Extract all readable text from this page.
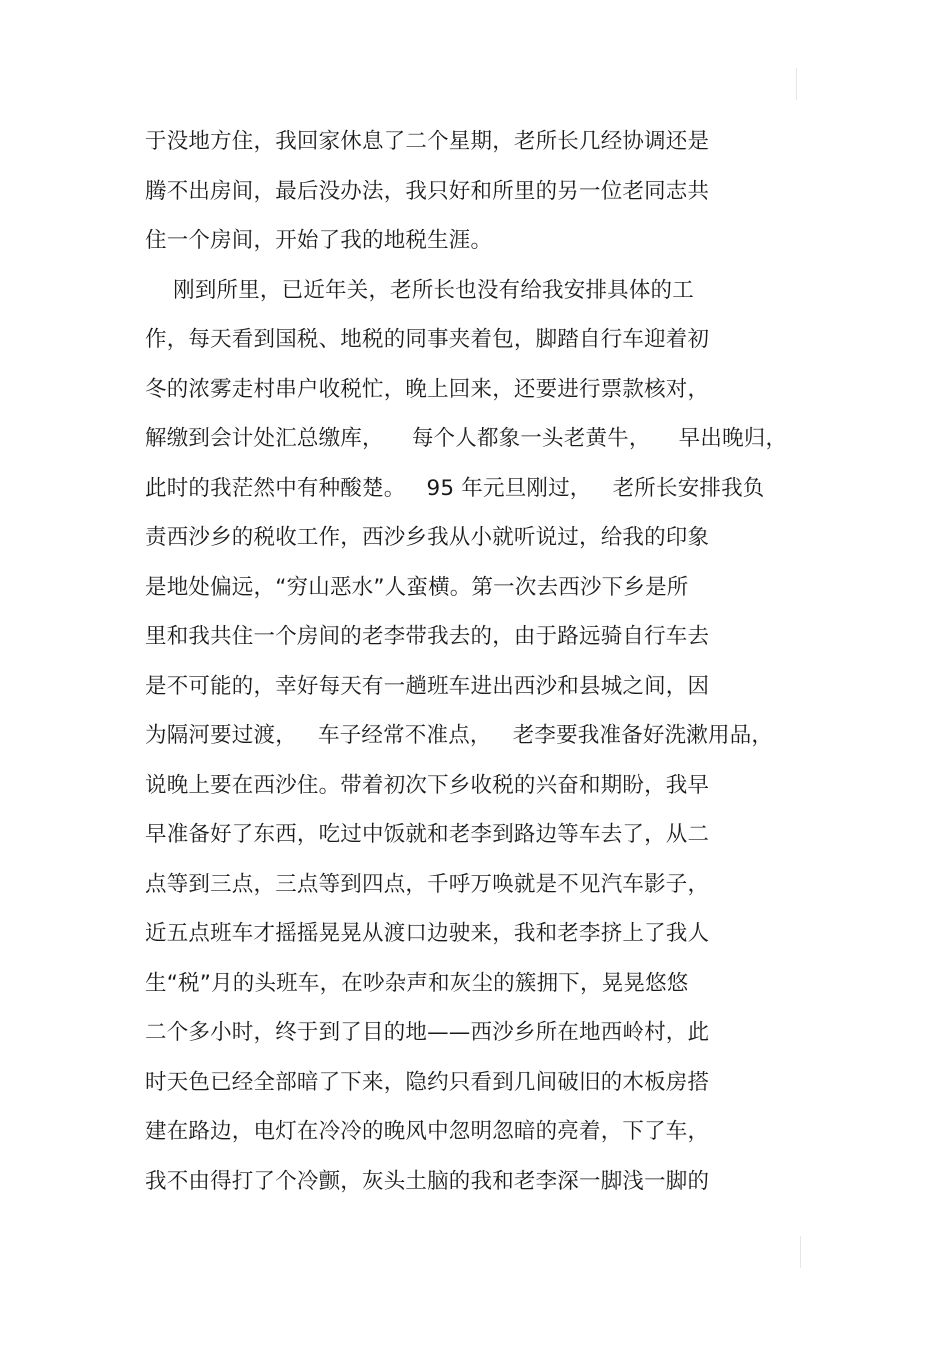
于没地方住，我回家休息了二个星期，老所长几经协调还是
腾不出房间，最后没办法，我只好和所里的另一位老同志共
住一个房间，开始了我的地税生涯。
刚到所里，已近年关，老所长也没有给我安排具体的工
作，每天看到国税、地税的同事夹着包，脚踏自行车迎着初
冬的浓雾走村串户收税忙，晚上回来，还要进行票款核对，
解缴到会计处汇总缴库，    每个人都象一头老黄牛，    早出晚归，
此时的我茫然中有种酸楚。   95 年元旦刚过，   老所长安排我负
责西沙乡的税收工作，西沙乡我从小就听说过，给我的印象
是地处偏远，“穷山恶水”人蛮横。第一次去西沙下乡是所
里和我共住一个房间的老李带我去的，由于路远骑自行车去
是不可能的，幸好每天有一趟班车进出西沙和县城之间，因
为隔河要过渡，   车子经常不准点，   老李要我准备好洗漱用品，
说晚上要在西沙住。带着初次下乡收税的兴奋和期盼，我早
早准备好了东西，吃过中饭就和老李到路边等车去了，从二
点等到三点，三点等到四点，千呼万唤就是不见汽车影子，
近五点班车才摇摇晃晃从渡口边驶来，我和老李挤上了我人
生“税”月的头班车，在吵杂声和灰尘的簇拥下，晃晃悠悠
二个多小时，终于到了目的地——西沙乡所在地西岭村，此
时天色已经全部暗了下来，隐约只看到几间破旧的木板房搭
建在路边，电灯在冷冷的晚风中忽明忽暗的亮着，下了车，
我不由得打了个冷颤，灰头土脑的我和老李深一脚浅一脚的
